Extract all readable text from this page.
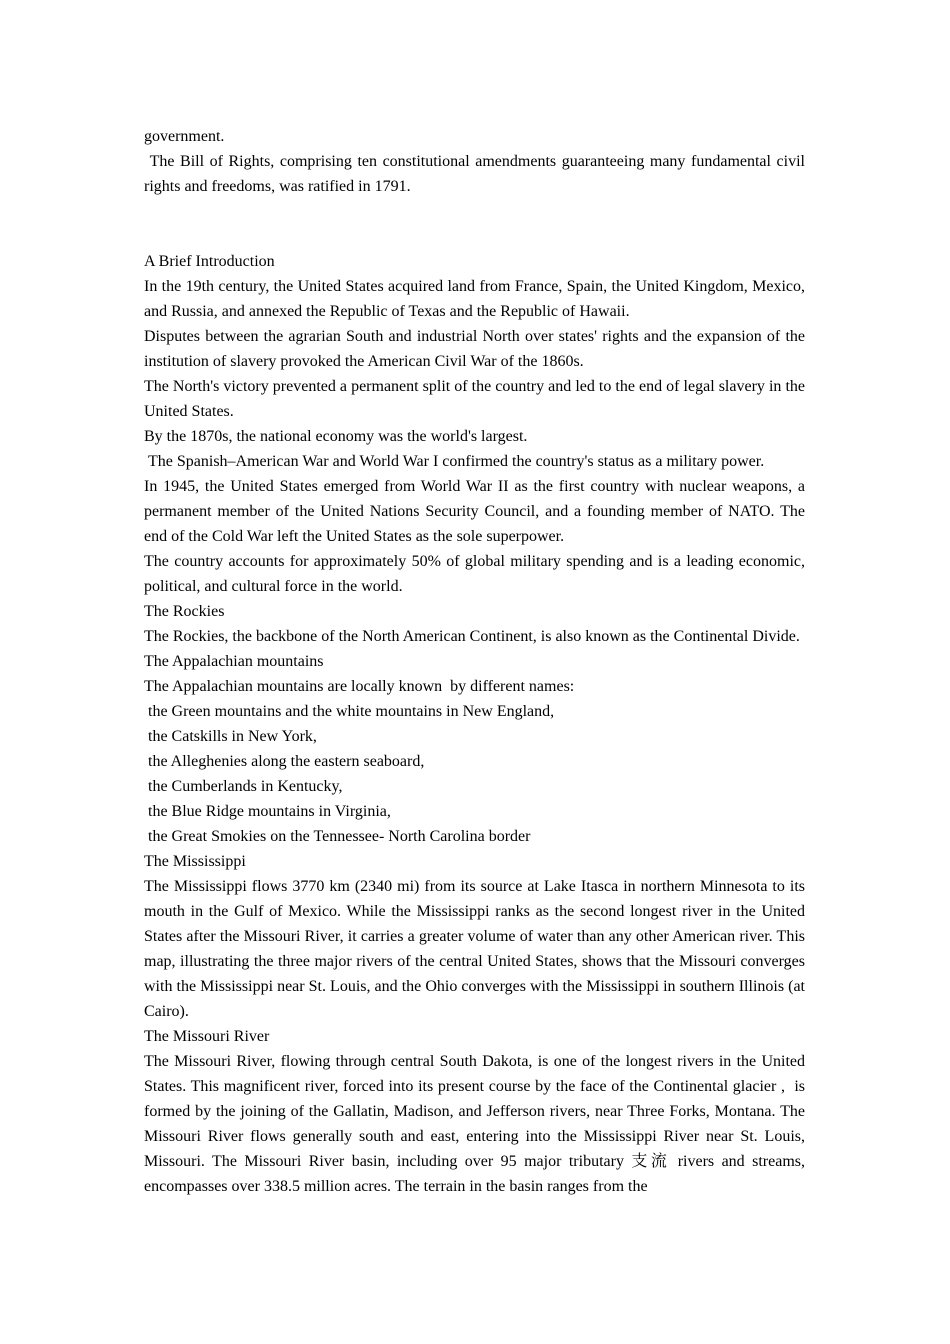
government.

The Bill of Rights, comprising ten constitutional amendments guaranteeing many fundamental civil rights and freedoms, was ratified in 1791.

A Brief Introduction

In the 19th century, the United States acquired land from France, Spain, the United Kingdom, Mexico, and Russia, and annexed the Republic of Texas and the Republic of Hawaii.

Disputes between the agrarian South and industrial North over states' rights and the expansion of the institution of slavery provoked the American Civil War of the 1860s.

The North's victory prevented a permanent split of the country and led to the end of legal slavery in the United States.

By the 1870s, the national economy was the world's largest.

The Spanish–American War and World War I confirmed the country's status as a military power.

In 1945, the United States emerged from World War II as the first country with nuclear weapons, a permanent member of the United Nations Security Council, and a founding member of NATO. The end of the Cold War left the United States as the sole superpower.

The country accounts for approximately 50% of global military spending and is a leading economic, political, and cultural force in the world.

The Rockies

The Rockies, the backbone of the North American Continent, is also known as the Continental Divide.

The Appalachian mountains

The Appalachian mountains are locally known  by different names:

the Green mountains and the white mountains in New England,

the Catskills in New York,

the Alleghenies along the eastern seaboard,

the Cumberlands in Kentucky,

the Blue Ridge mountains in Virginia,

the Great Smokies on the Tennessee- North Carolina border

The Mississippi

The Mississippi flows 3770 km (2340 mi) from its source at Lake Itasca in northern Minnesota to its mouth in the Gulf of Mexico. While the Mississippi ranks as the second longest river in the United States after the Missouri River, it carries a greater volume of water than any other American river. This map, illustrating the three major rivers of the central United States, shows that the Missouri converges with the Mississippi near St. Louis, and the Ohio converges with the Mississippi in southern Illinois (at Cairo).

The Missouri River

The Missouri River, flowing through central South Dakota, is one of the longest rivers in the United States. This magnificent river, forced into its present course by the face of the Continental glacier ,  is formed by the joining of the Gallatin, Madison, and Jefferson rivers, near Three Forks, Montana. The Missouri River flows generally south and east, entering into the Mississippi River near St. Louis, Missouri. The Missouri River basin, including over 95 major tributary 支流 rivers and streams, encompasses over 338.5 million acres. The terrain in the basin ranges from the
